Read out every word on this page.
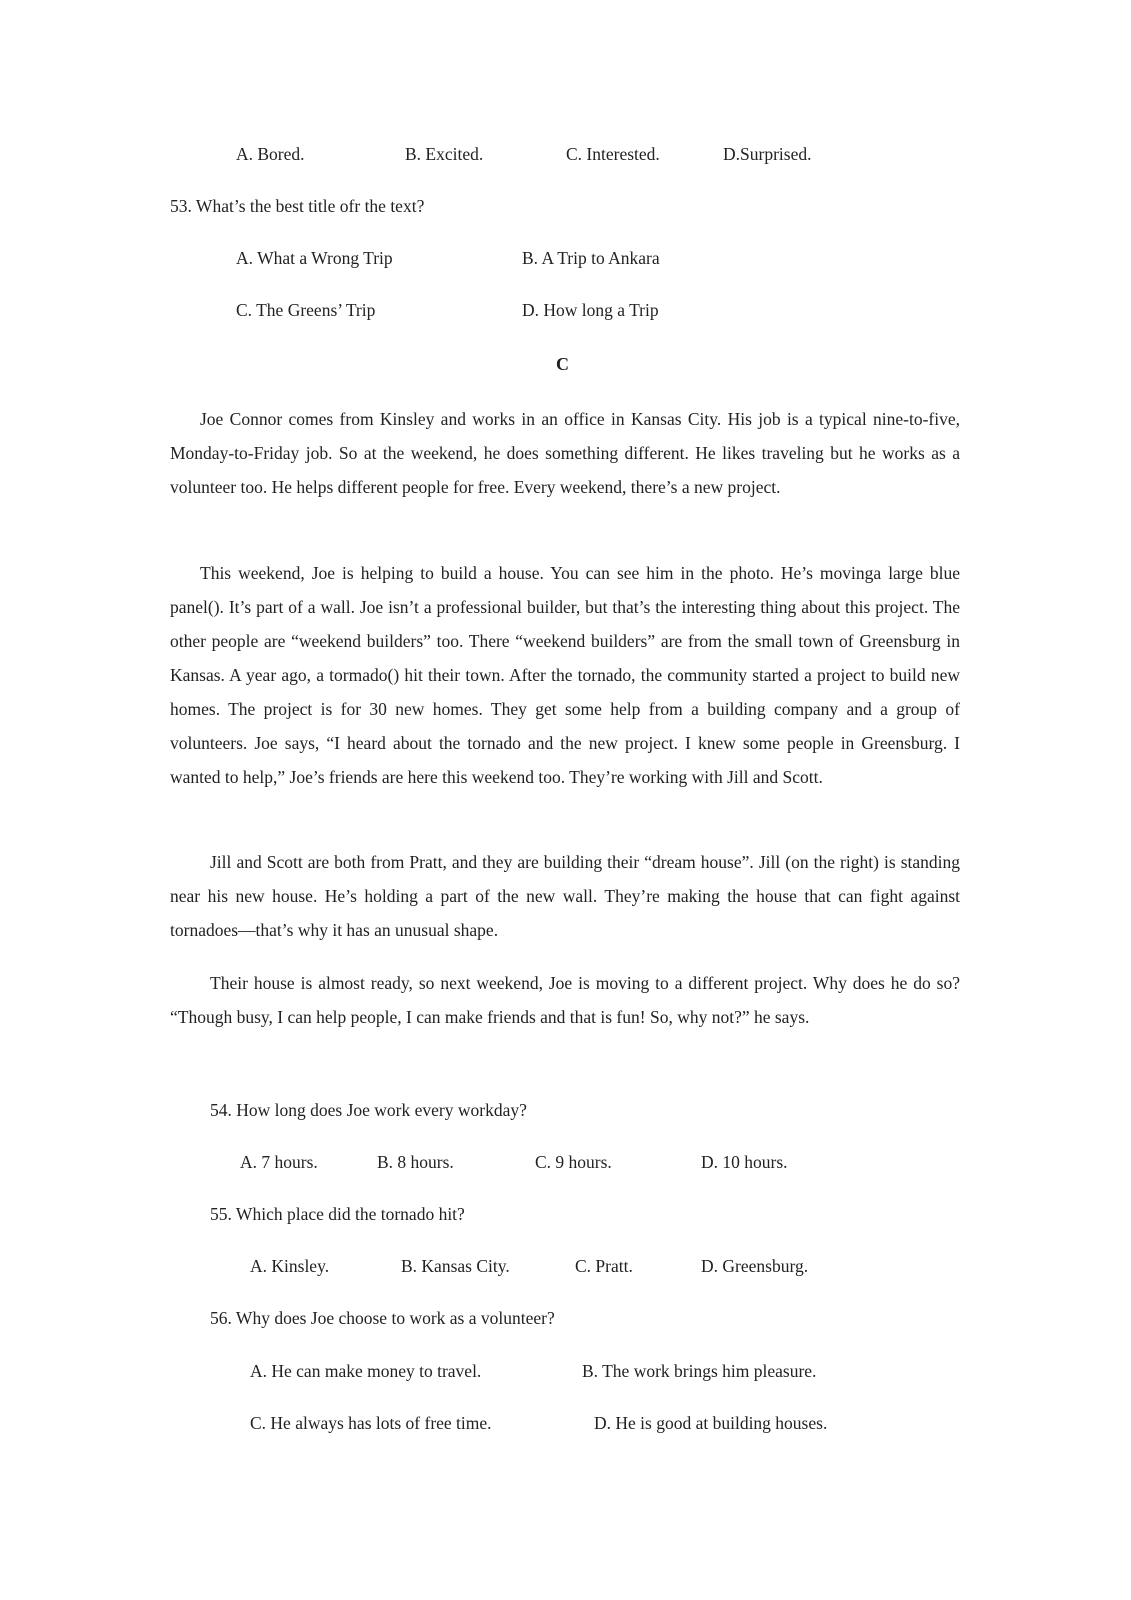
A. Bored.	B. Excited.	C. Interested.	D.Surprised.
53. What’s the best title ofr the text?
A. What a Wrong Trip	B. A Trip to Ankara
C. The Greens’ Trip	D. How long a Trip
C
Joe Connor comes from Kinsley and works in an office in Kansas City. His job is a typical nine-to-five, Monday-to-Friday job. So at the weekend, he does something different. He likes traveling but he works as a volunteer too. He helps different people for free. Every weekend, there’s a new project.
This weekend, Joe is helping to build a house. You can see him in the photo. He’s movinga large blue panel(). It’s part of a wall. Joe isn’t a professional builder, but that’s the interesting thing about this project. The other people are “weekend builders” too. There “weekend builders” are from the small town of Greensburg in Kansas. A year ago, a tormado() hit their town. After the tornado, the community started a project to build new homes. The project is for 30 new homes. They get some help from a building company and a group of volunteers. Joe says, “I heard about the tornado and the new project. I knew some people in Greensburg. I wanted to help,” Joe’s friends are here this weekend too. They’re working with Jill and Scott.
Jill and Scott are both from Pratt, and they are building their “dream house”. Jill (on the right) is standing near his new house. He’s holding a part of the new wall. They’re making the house that can fight against tornadoes—that’s why it has an unusual shape.
Their house is almost ready, so next weekend, Joe is moving to a different project. Why does he do so? “Though busy, I can help people, I can make friends and that is fun! So, why not?” he says.
54. How long does Joe work every workday?
A. 7 hours.	B. 8 hours.	C. 9 hours.	D. 10 hours.
55. Which place did the tornado hit?
A. Kinsley.	B. Kansas City.	C. Pratt.	D. Greensburg.
56. Why does Joe choose to work as a volunteer?
A. He can make money to travel.	B. The work brings him pleasure.
C. He always has lots of free time.	D. He is good at building houses.
